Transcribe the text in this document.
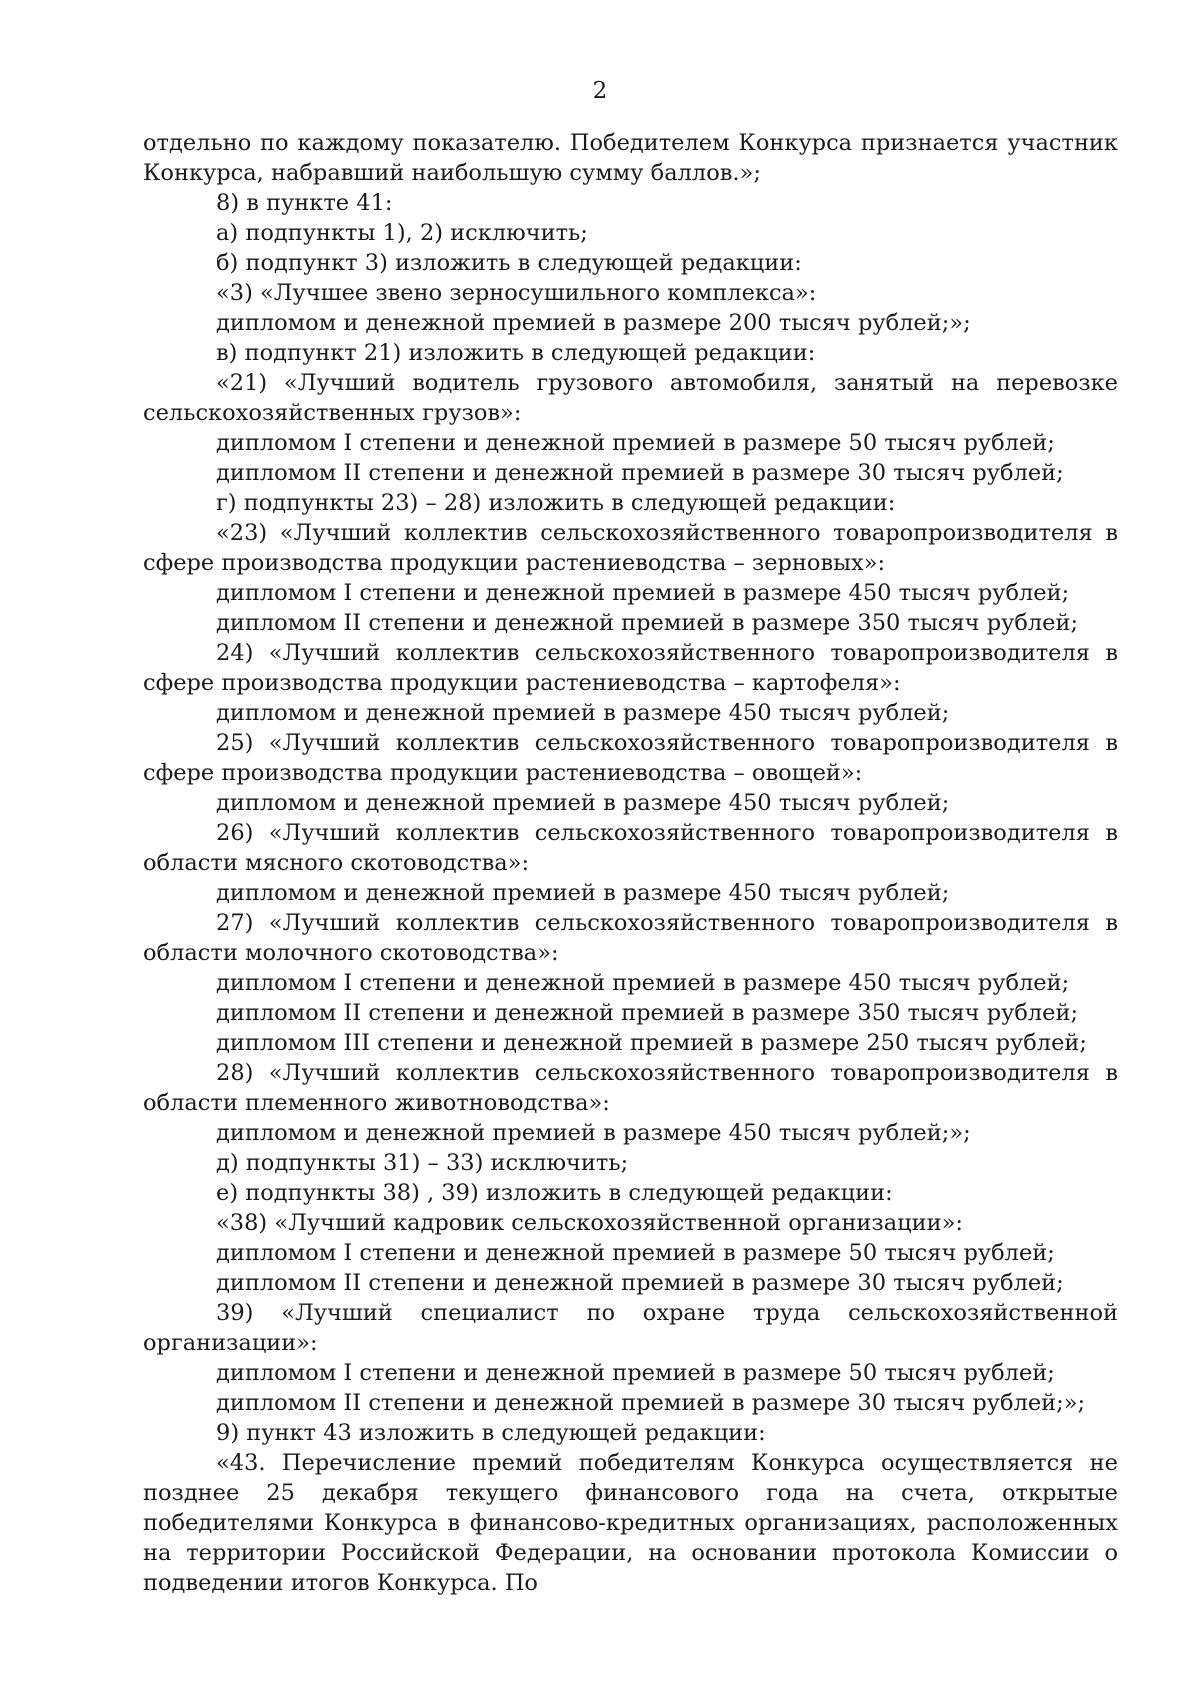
2

отдельно по каждому показателю. Победителем Конкурса признается участник Конкурса, набравший наибольшую сумму баллов.»;

8) в пункте 41:

а) подпункты 1), 2) исключить;

б) подпункт 3) изложить в следующей редакции:

«3) «Лучшее звено зерносушильного комплекса»:

дипломом и денежной премией в размере 200 тысяч рублей;»;

в) подпункт 21) изложить в следующей редакции:

«21) «Лучший водитель грузового автомобиля, занятый на перевозке сельскохозяйственных грузов»:

дипломом I степени и денежной премией в размере 50 тысяч рублей;

дипломом II степени и денежной премией в размере 30 тысяч рублей;

г) подпункты 23) – 28) изложить в следующей редакции:

«23) «Лучший коллектив сельскохозяйственного товаропроизводителя в сфере производства продукции растениеводства – зерновых»:

дипломом I степени и денежной премией в размере 450 тысяч рублей;

дипломом II степени и денежной премией в размере 350 тысяч рублей;

24) «Лучший коллектив сельскохозяйственного товаропроизводителя в сфере производства продукции растениеводства – картофеля»:

дипломом и денежной премией в размере 450 тысяч рублей;

25) «Лучший коллектив сельскохозяйственного товаропроизводителя в сфере производства продукции растениеводства – овощей»:

дипломом и денежной премией в размере 450 тысяч рублей;

26) «Лучший коллектив сельскохозяйственного товаропроизводителя в области мясного скотоводства»:

дипломом и денежной премией в размере 450 тысяч рублей;

27) «Лучший коллектив сельскохозяйственного товаропроизводителя в области молочного скотоводства»:

дипломом I степени и денежной премией в размере 450 тысяч рублей;

дипломом II степени и денежной премией в размере 350 тысяч рублей;

дипломом III степени и денежной премией в размере 250 тысяч рублей;

28) «Лучший коллектив сельскохозяйственного товаропроизводителя в области племенного животноводства»:

дипломом и денежной премией в размере 450 тысяч рублей;»;

д) подпункты 31) – 33) исключить;

е) подпункты 38) , 39) изложить в следующей редакции:

«38) «Лучший кадровик сельскохозяйственной организации»:

дипломом I степени и денежной премией в размере 50 тысяч рублей;

дипломом II степени и денежной премией в размере 30 тысяч рублей;

39) «Лучший специалист по охране труда сельскохозяйственной организации»:

дипломом I степени и денежной премией в размере 50 тысяч рублей;

дипломом II степени и денежной премией в размере 30 тысяч рублей;»;

9) пункт 43 изложить в следующей редакции:

«43. Перечисление премий победителям Конкурса осуществляется не позднее 25 декабря текущего финансового года на счета, открытые победителями Конкурса в финансово-кредитных организациях, расположенных на территории Российской Федерации, на основании протокола Комиссии о подведении итогов Конкурса. По
